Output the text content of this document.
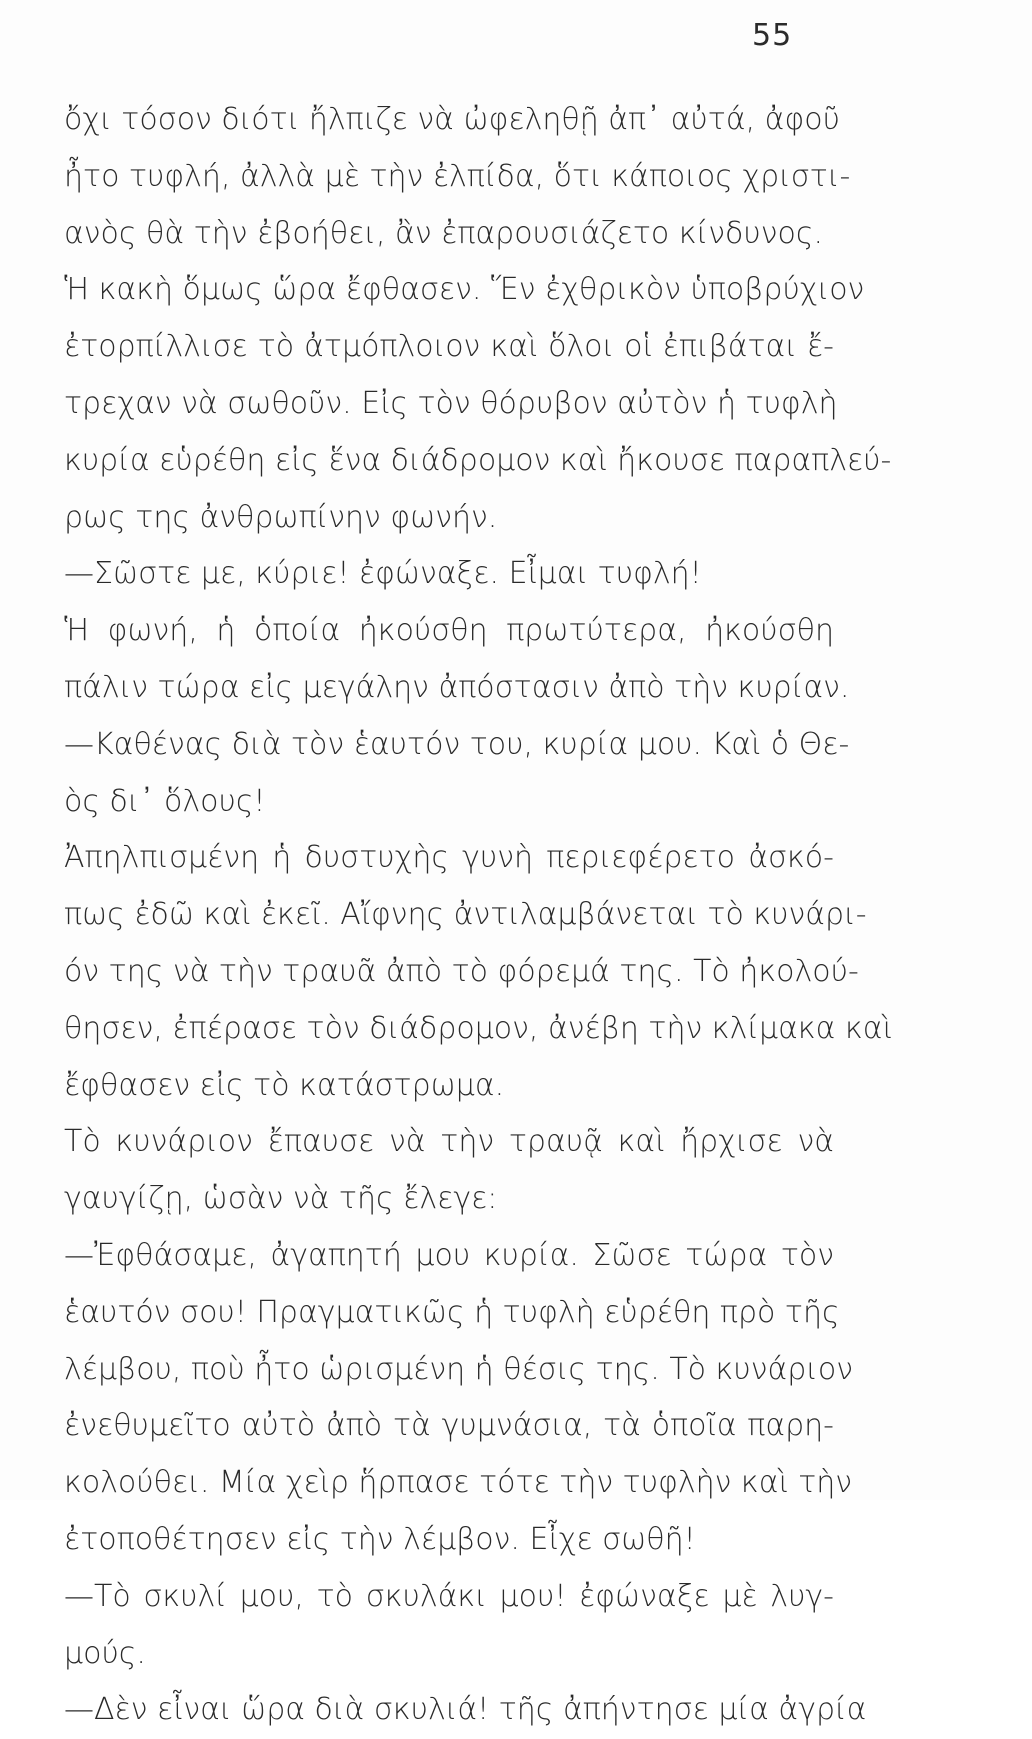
55
ὄχι τόσον διότι ἤλπιζε νὰ ὠφεληθῇ ἀπ᾿ αὐτά, ἀφοῦ
ἦτο τυφλή, ἀλλὰ μὲ τὴν ἐλπίδα, ὅτι κάποιος χριστι-
ανὸς θὰ τὴν ἐβοήθει, ἂν ἐπαρουσιάζετο κίνδυνος.
Ἡ κακὴ ὅμως ὥρα ἔφθασεν. Ἕν ἐχθρικὸν ὑποβρύχιον
ἐτορπίλλισε τὸ ἀτμόπλοιον καὶ ὅλοι οἱ ἐπιβάται ἔ-
τρεχαν νὰ σωθοῦν. Εἰς τὸν θόρυβον αὐτὸν ἡ τυφλὴ
κυρία εὑρέθη εἰς ἕνα διάδρομον καὶ ἤκουσε παραπλεύ-
ρως της ἀνθρωπίνην φωνήν.
—Σῶστε με, κύριε! ἐφώναξε. Εἶμαι τυφλή!
Ἡ φωνή, ἡ ὁποία ἠκούσθη πρωτύτερα, ἠκούσθη
πάλιν τώρα εἰς μεγάλην ἀπόστασιν ἀπὸ τὴν κυρίαν.
—Καθένας διὰ τὸν ἑαυτόν του, κυρία μου. Καὶ ὁ Θε-
ὸς δι᾿ ὅλους!
Ἀπηλπισμένη ἡ δυστυχὴς γυνὴ περιεφέρετο ἀσκό-
πως ἐδῶ καὶ ἐκεῖ. Αἴφνης ἀντιλαμβάνεται τὸ κυνάρι-
όν της νὰ τὴν τραυᾶ ἀπὸ τὸ φόρεμά της. Τὸ ἠκολού-
θησεν, ἐπέρασε τὸν διάδρομον, ἀνέβη τὴν κλίμακα καὶ
ἔφθασεν εἰς τὸ κατάστρωμα.
Τὸ κυνάριον ἔπαυσε νὰ τὴν τραυᾷ καὶ ἤρχισε νὰ
γαυγίζῃ, ὡσὰν νὰ τῆς ἔλεγε:
—Ἐφθάσαμε, ἀγαπητή μου κυρία. Σῶσε τώρα τὸν
ἑαυτόν σου! Πραγματικῶς ἡ τυφλὴ εὑρέθη πρὸ τῆς
λέμβου, ποὺ ἦτο ὡρισμένη ἡ θέσις της. Τὸ κυνάριον
ἐνεθυμεῖτο αὐτὸ ἀπὸ τὰ γυμνάσια, τὰ ὁποῖα παρη-
κολούθει. Μία χεὶρ ἥρπασε τότε τὴν τυφλὴν καὶ τὴν
ἐτοποθέτησεν εἰς τὴν λέμβον. Εἶχε σωθῆ!
—Τὸ σκυλί μου, τὸ σκυλάκι μου! ἐφώναξε μὲ λυγ-
μούς.
—Δὲν εἶναι ὥρα διὰ σκυλιά! τῆς ἀπήντησε μία ἀγρία
